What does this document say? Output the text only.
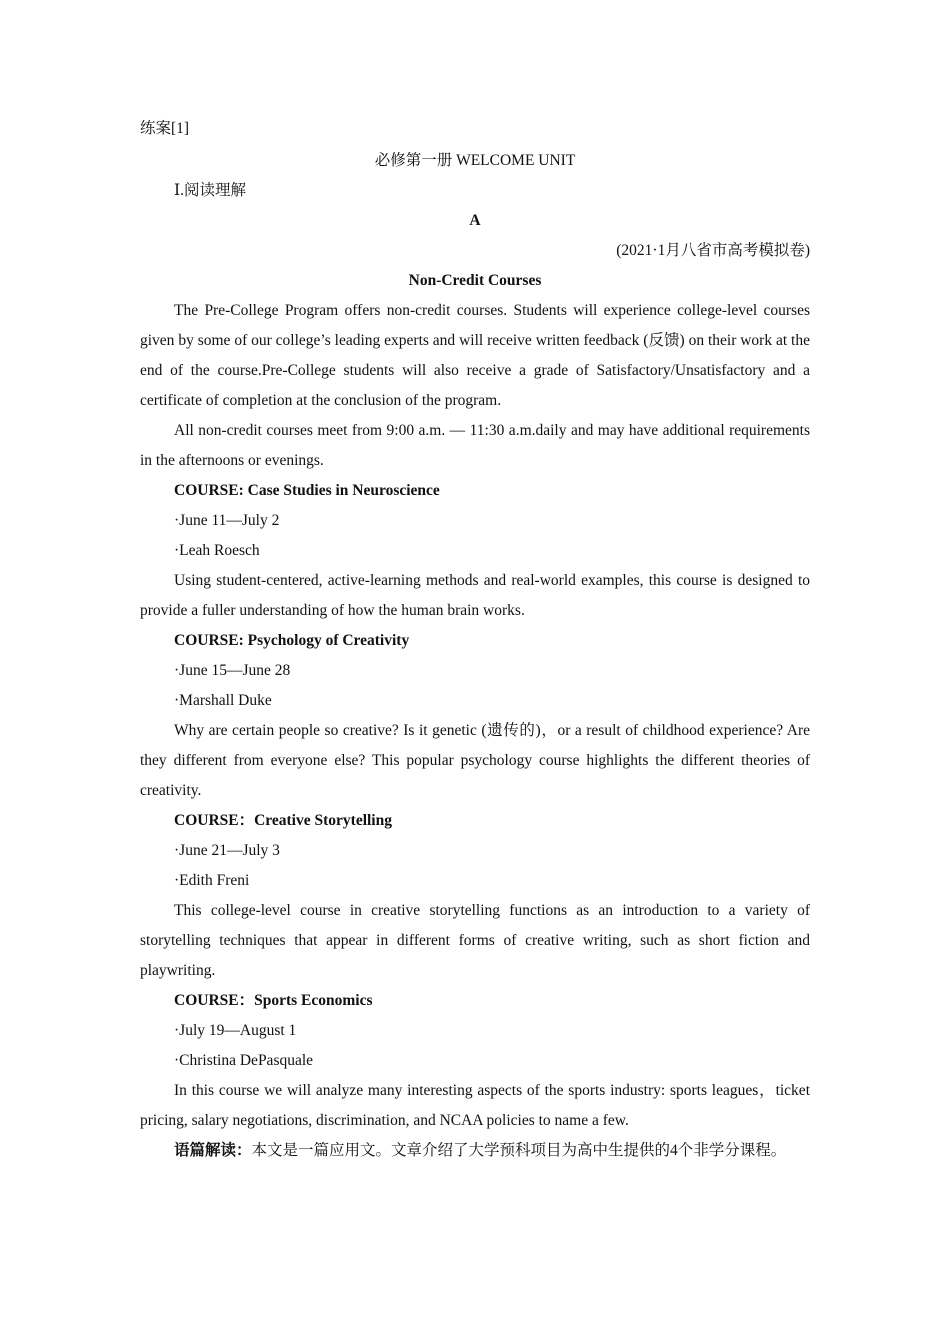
练案[1]

必修第一册 WELCOME UNIT

Ⅰ.阅读理解

A

(2021·1月八省市高考模拟卷)

Non-Credit Courses

The Pre-College Program offers non-credit courses. Students will experience college-level courses given by some of our college’s leading experts and will receive written feedback (反馈) on their work at the end of the course.Pre-College students will also receive a grade of Satisfactory/Unsatisfactory and a certificate of completion at the conclusion of the program.

All non-credit courses meet from 9:00 a.m. — 11:30 a.m.daily and may have additional requirements in the afternoons or evenings.

COURSE: Case Studies in Neuroscience

·June 11—July 2

·Leah Roesch

Using student-centered, active-learning methods and real-world examples, this course is designed to provide a fuller understanding of how the human brain works.

COURSE: Psychology of Creativity

·June 15—June 28

·Marshall Duke

Why are certain people so creative? Is it genetic (遗传的)，or a result of childhood experience? Are they different from everyone else? This popular psychology course highlights the different theories of creativity.

COURSE：Creative Storytelling

·June 21—July 3

·Edith Freni

This college-level course in creative storytelling functions as an introduction to a variety of storytelling techniques that appear in different forms of creative writing, such as short fiction and playwriting.

COURSE：Sports Economics

·July 19—August 1

·Christina DePasquale

In this course we will analyze many interesting aspects of the sports industry: sports leagues，ticket pricing, salary negotiations, discrimination, and NCAA policies to name a few.

语篇解读：本文是一篇应用文。文章介绍了大学预科项目为高中生提供的4个非学分课程。
